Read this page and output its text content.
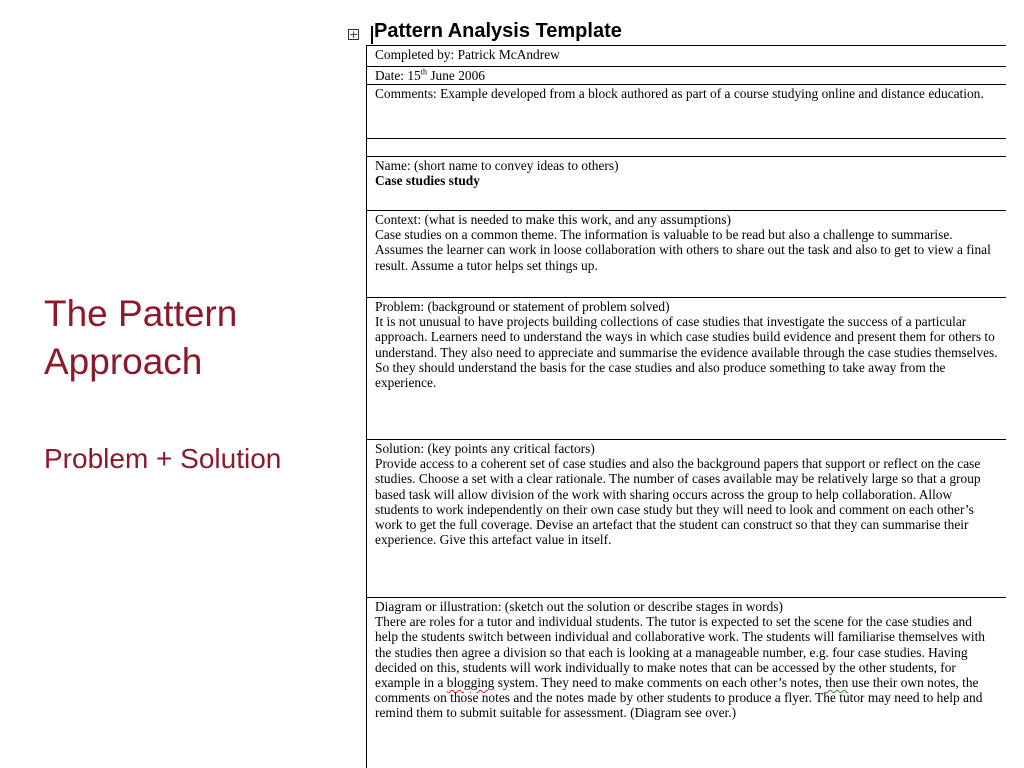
The Pattern
Approach
Problem + Solution
+ Pattern Analysis Template

Completed by: Patrick McAndrew

Date: 15th June 2006

Comments: Example developed from a block authored as part of a course studying online and distance education.

Name: (short name to convey ideas to others)

Case studies study

Context: (what is needed to make this work, and any assumptions)

Case studies on a common theme. The information is valuable to be read but also a challenge to summarise. Assumes the learner can work in loose collaboration with others to share out the task and also to get to view a final result. Assume a tutor helps set things up.

Problem: (background or statement of problem solved)

It is not unusual to have projects building collections of case studies that investigate the success of a particular approach. Learners need to understand the ways in which case studies build evidence and present them for others to understand. They also need to appreciate and summarise the evidence available through the case studies themselves. So they should understand the basis for the case studies and also produce something to take away from the experience.

Solution: (key points any critical factors)

Provide access to a coherent set of case studies and also the background papers that support or reflect on the case studies. Choose a set with a clear rationale. The number of cases available may be relatively large so that a group based task will allow division of the work with sharing occurs across the group to help collaboration. Allow students to work independently on their own case study but they will need to look and comment on each other’s work to get the full coverage. Devise an artefact that the student can construct so that they can summarise their experience. Give this artefact value in itself.

Diagram or illustration: (sketch out the solution or describe stages in words)

There are roles for a tutor and individual students. The tutor is expected to set the scene for the case studies and help the students switch between individual and collaborative work. The students will familiarise themselves with the studies then agree a division so that each is looking at a manageable number, e.g. four case studies. Having decided on this, students will work individually to make notes that can be accessed by the other students, for example in a blogging system. They need to make comments on each other’s notes, then use their own notes, the comments on those notes and the notes made by other students to produce a flyer. The tutor may need to help and remind them to submit suitable for assessment. (Diagram see over.)
